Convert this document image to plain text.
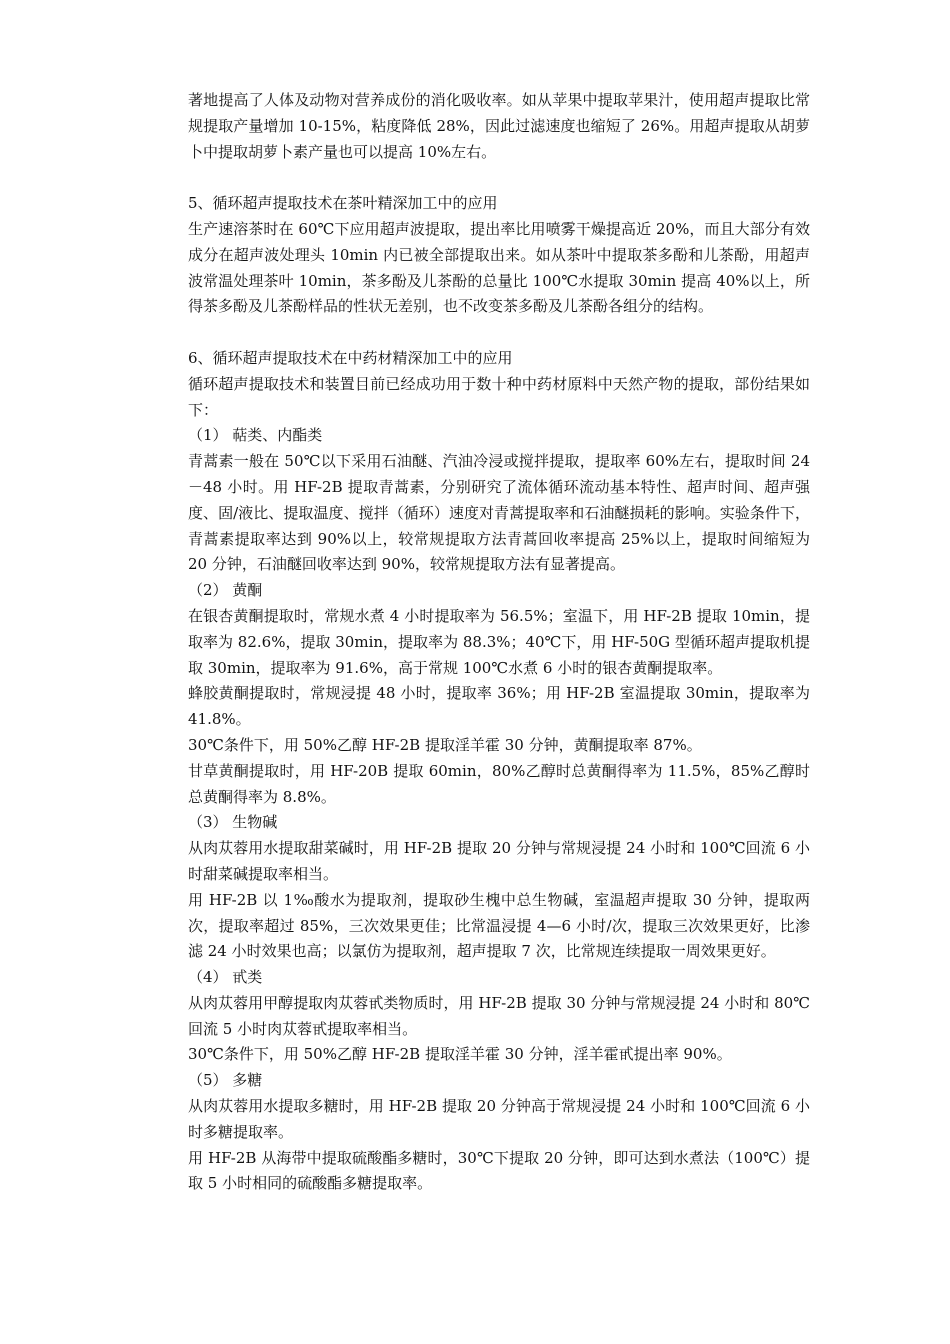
著地提高了人体及动物对营养成份的消化吸收率。如从苹果中提取苹果汁，使用超声提取比常规提取产量增加 10-15%，粘度降低 28%，因此过滤速度也缩短了 26%。用超声提取从胡萝卜中提取胡萝卜素产量也可以提高 10%左右。

5、循环超声提取技术在茶叶精深加工中的应用

生产速溶茶时在 60℃下应用超声波提取，提出率比用喷雾干燥提高近 20%，而且大部分有效成分在超声波处理头 10min 内已被全部提取出来。如从茶叶中提取茶多酚和儿茶酚，用超声波常温处理茶叶 10min，茶多酚及儿茶酚的总量比 100℃水提取 30min 提高 40%以上，所得茶多酚及儿茶酚样品的性状无差别，也不改变茶多酚及儿茶酚各组分的结构。

6、循环超声提取技术在中药材精深加工中的应用

循环超声提取技术和装置目前已经成功用于数十种中药材原料中天然产物的提取，部份结果如下：

（1） 萜类、内酯类

青蒿素一般在 50℃以下采用石油醚、汽油冷浸或搅拌提取，提取率 60%左右，提取时间 24－48 小时。用 HF-2B 提取青蒿素，分别研究了流体循环流动基本特性、超声时间、超声强度、固/液比、提取温度、搅拌（循环）速度对青蒿提取率和石油醚损耗的影响。实验条件下，青蒿素提取率达到 90%以上，较常规提取方法青蒿回收率提高 25%以上，提取时间缩短为 20 分钟，石油醚回收率达到 90%，较常规提取方法有显著提高。

（2） 黄酮

在银杏黄酮提取时，常规水煮 4 小时提取率为 56.5%；室温下，用 HF-2B 提取 10min，提取率为 82.6%，提取 30min，提取率为 88.3%；40℃下，用 HF-50G 型循环超声提取机提取 30min，提取率为 91.6%，高于常规 100℃水煮 6 小时的银杏黄酮提取率。

蜂胶黄酮提取时，常规浸提 48 小时，提取率 36%；用 HF-2B 室温提取 30min，提取率为 41.8%。

30℃条件下，用 50%乙醇 HF-2B 提取淫羊霍 30 分钟，黄酮提取率 87%。

甘草黄酮提取时，用 HF-20B 提取 60min，80%乙醇时总黄酮得率为 11.5%，85%乙醇时总黄酮得率为 8.8%。

（3） 生物碱

从肉苁蓉用水提取甜菜碱时，用 HF-2B 提取 20 分钟与常规浸提 24 小时和 100℃回流 6 小时甜菜碱提取率相当。

用 HF-2B 以 1‰酸水为提取剂，提取砂生槐中总生物碱，室温超声提取 30 分钟，提取两次，提取率超过 85%，三次效果更佳；比常温浸提 4—6 小时/次，提取三次效果更好，比渗滤 24 小时效果也高；以氯仿为提取剂，超声提取 7 次，比常规连续提取一周效果更好。

（4） 甙类

从肉苁蓉用甲醇提取肉苁蓉甙类物质时，用 HF-2B 提取 30 分钟与常规浸提 24 小时和 80℃回流 5 小时肉苁蓉甙提取率相当。

30℃条件下，用 50%乙醇 HF-2B 提取淫羊霍 30 分钟，淫羊霍甙提出率 90%。

（5） 多糖

从肉苁蓉用水提取多糖时，用 HF-2B 提取 20 分钟高于常规浸提 24 小时和 100℃回流 6 小时多糖提取率。

用 HF-2B 从海带中提取硫酸酯多糖时，30℃下提取 20 分钟，即可达到水煮法（100℃）提取 5 小时相同的硫酸酯多糖提取率。
